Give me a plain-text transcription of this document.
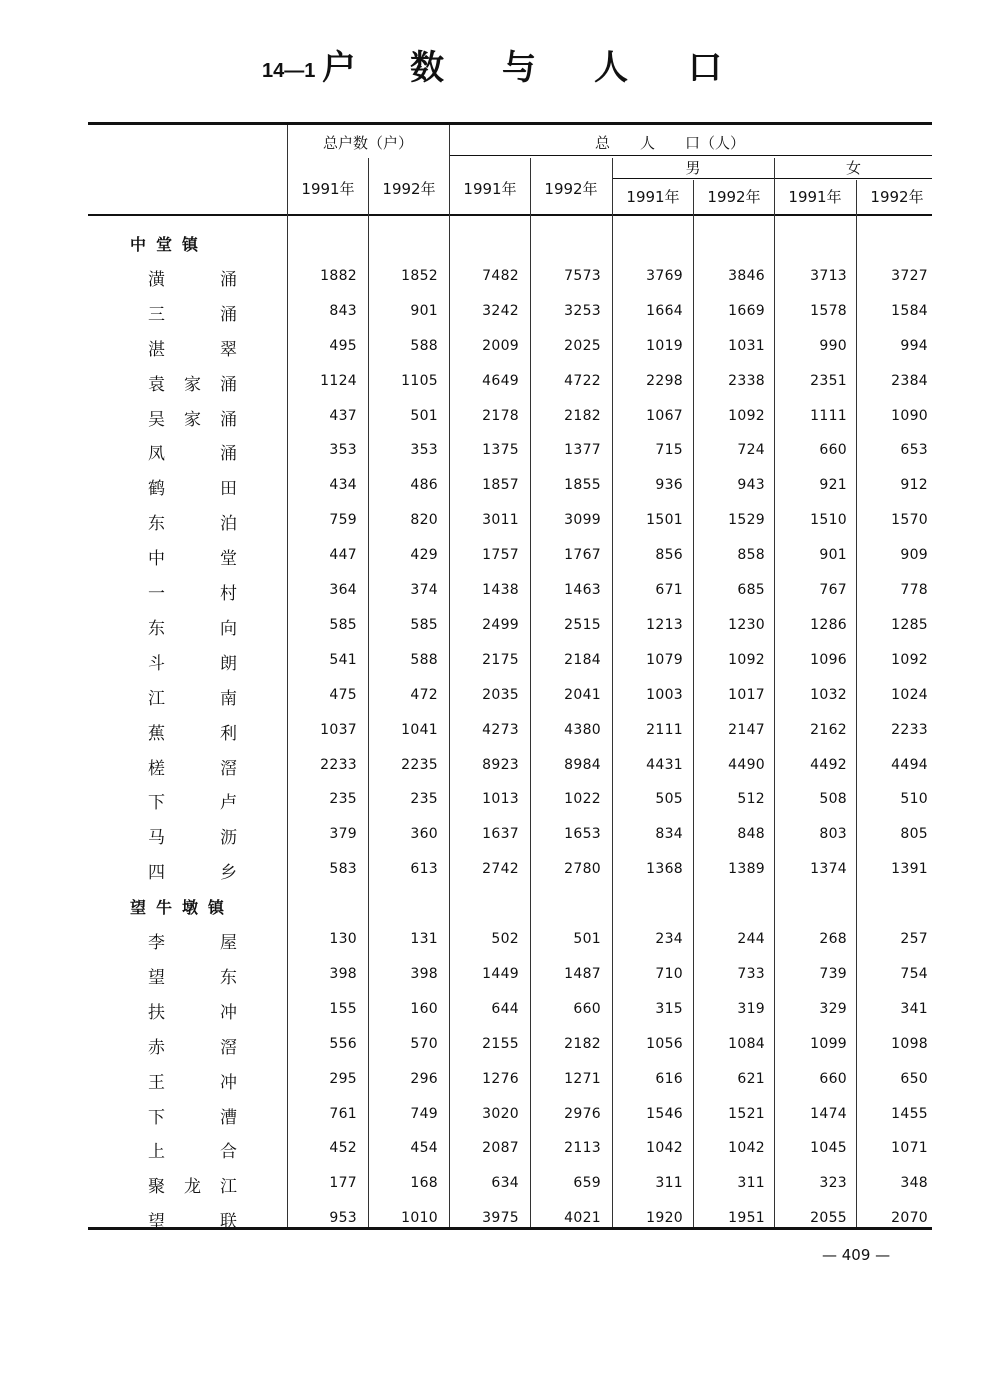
14—1 户 数 与 人 口
总户数（户）	总　　人　　口（人）
男	女
1991年	1992年	1991年	1992年	1991年	1992年	1991年	1992年
中堂镇
潢	涌	1882	1852	7482	7573	3769	3846	3713	3727
三	涌	843	901	3242	3253	1664	1669	1578	1584
湛	翠	495	588	2009	2025	1019	1031	990	994
袁 家 涌	1124	1105	4649	4722	2298	2338	2351	2384
吴 家 涌	437	501	2178	2182	1067	1092	1111	1090
凤	涌	353	353	1375	1377	715	724	660	653
鹤	田	434	486	1857	1855	936	943	921	912
东	泊	759	820	3011	3099	1501	1529	1510	1570
中	堂	447	429	1757	1767	856	858	901	909
一	村	364	374	1438	1463	671	685	767	778
东	向	585	585	2499	2515	1213	1230	1286	1285
斗	朗	541	588	2175	2184	1079	1092	1096	1092
江	南	475	472	2035	2041	1003	1017	1032	1024
蕉	利	1037	1041	4273	4380	2111	2147	2162	2233
槎	滘	2233	2235	8923	8984	4431	4490	4492	4494
下	卢	235	235	1013	1022	505	512	508	510
马	沥	379	360	1637	1653	834	848	803	805
四	乡	583	613	2742	2780	1368	1389	1374	1391
望牛墩镇
李	屋	130	131	502	501	234	244	268	257
望	东	398	398	1449	1487	710	733	739	754
扶	冲	155	160	644	660	315	319	329	341
赤	滘	556	570	2155	2182	1056	1084	1099	1098
王	冲	295	296	1276	1271	616	621	660	650
下	漕	761	749	3020	2976	1546	1521	1474	1455
上	合	452	454	2087	2113	1042	1042	1045	1071
聚 龙 江	177	168	634	659	311	311	323	348
望	联	953	1010	3975	4021	1920	1951	2055	2070
— 409 —
